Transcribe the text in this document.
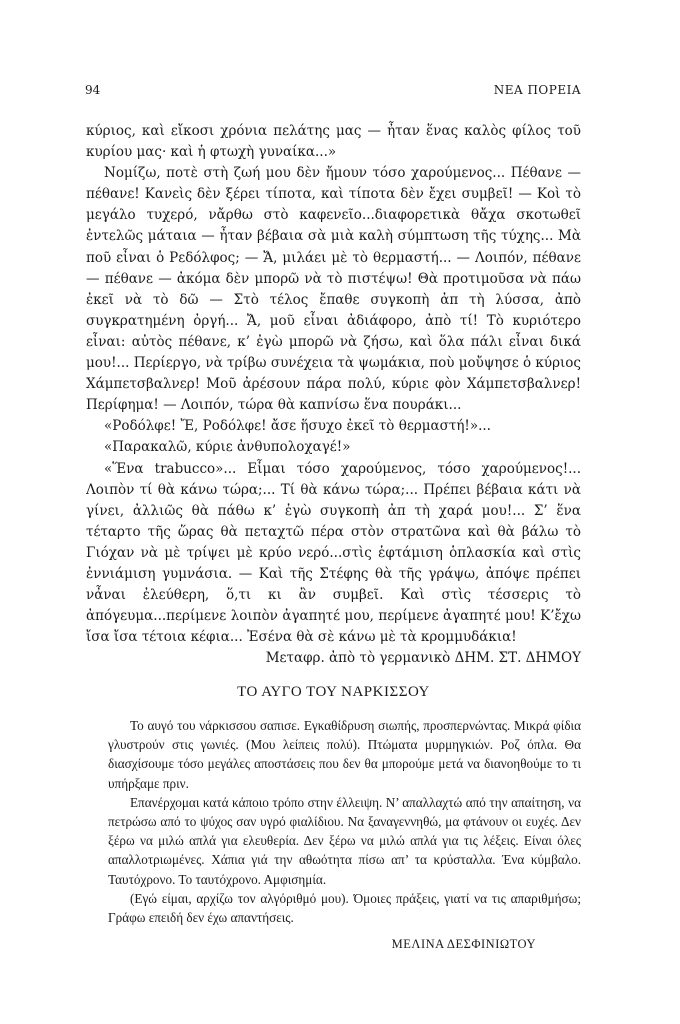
94	ΝΕΑ ΠΟΡΕΙΑ

κύριος, καὶ εἴκοσι χρόνια πελάτης μας — ἦταν ἕνας καλὸς φίλος τοῦ κυρίου μας· καὶ ἡ φτωχὴ γυναίκα...»

Νομίζω, ποτὲ στὴ ζωή μου δὲν ἤμουν τόσο χαρούμενος... Πέθανε — πέθανε! Κανεὶς δὲν ξέρει τίποτα, καὶ τίποτα δὲν ἔχει συμβεῖ! — Κοὶ τὸ μεγάλο τυχερό, νἄρθω στὸ καφενεῖο...διαφορετικὰ θἄχα σκοτωθεῖ ἐντελῶς μάταια — ἦταν βέβαια σὰ μιὰ καλὴ σύμπτωση τῆς τύχης... Μὰ ποῦ εἶναι ὁ Ρεδόλφος; — Ἄ, μιλάει μὲ τὸ θερμαστή... — Λοιπόν, πέθανε — πέθανε — ἀκόμα δὲν μπορῶ νὰ τὸ πιστέψω! Θὰ προτιμοῦσα νὰ πάω ἐκεῖ νὰ τὸ δῶ — Στὸ τέλος ἔπαθε συγκοπὴ ἀπ τὴ λύσσα, ἀπὸ συγκρατημένη ὀργή... Ἄ, μοῦ εἶναι ἀδιάφορο, ἀπὸ τί! Τὸ κυριότερο εἶναι: αὐτὸς πέθανε, κ’ ἐγὼ μπορῶ νὰ ζήσω, καὶ ὅλα πάλι εἶναι δικά μου!... Περίεργο, νὰ τρίβω συνέχεια τὰ ψωμάκια, ποὺ μοὔψησε ὁ κύριος Χάμπετσβαλνερ! Μοῦ ἀρέσουν πάρα πολύ, κύριε φὸν Χάμπετσβαλνερ! Περίφημα! — Λοιπόν, τώρα θὰ καπνίσω ἕνα πουράκι...

«Ροδόλφε! Ἔ, Ροδόλφε! ἄσε ἥσυχο ἐκεῖ τὸ θερμαστή!»...

«Παρακαλῶ, κύριε ἀνθυπολοχαγέ!»

«Ἕνα trabucco»... Εἶμαι τόσο χαρούμενος, τόσο χαρούμενος!... Λοιπὸν τί θὰ κάνω τώρα;... Τί θὰ κάνω τώρα;... Πρέπει βέβαια κάτι νὰ γίνει, ἀλλιῶς θὰ πάθω κ’ ἐγὼ συγκοπὴ ἀπ τὴ χαρά μου!... Σ’ ἕνα τέταρτο τῆς ὥρας θὰ πεταχτῶ πέρα στὸν στρατῶνα καὶ θὰ βάλω τὸ Γιόχαν νὰ μὲ τρίψει μὲ κρύο νερό...στὶς ἑφτάμιση ὁπλασκία καὶ στὶς ἐννιάμιση γυμνάσια. — Καὶ τῆς Στέφης θὰ τῆς γράψω, ἀπόψε πρέπει νἆναι ἐλεύθερη, ὅ,τι κι ἂν συμβεῖ. Καὶ στὶς τέσσερις τὸ ἀπόγευμα...περίμενε λοιπὸν ἀγαπητέ μου, περίμενε ἀγαπητέ μου! Κ’ἔχω ἴσα ἴσα τέτοια κέφια... Ἐσένα θὰ σὲ κάνω μὲ τὰ κρομμυδάκια!

Μεταφρ. ἀπὸ τὸ γερμανικὸ ΔΗΜ. ΣΤ. ΔΗΜΟΥ

ΤΟ ΑΥΓΟ ΤΟΥ ΝΑΡΚΙΣΣΟΥ

Το αυγό του νάρκισσου σαπισε. Εγκαθίδρυση σιωπής, προσπερνώντας. Μικρά φίδια γλυστρούν στις γωνιές. (Μου λείπεις πολύ). Πτώματα μυρμηγκιών. Ροζ όπλα. Θα διασχίσουμε τόσο μεγάλες αποστάσεις που δεν θα μπορούμε μετά να διανοηθούμε το τι υπήρξαμε πριν.

Επανέρχομαι κατά κάποιο τρόπο στην έλλειψη. Ν’ απαλλαχτώ από την απαίτηση, να πετρώσω από το ψύχος σαν υγρό φιαλίδιου. Να ξαναγεννηθώ, μα φτάνουν οι ευχές. Δεν ξέρω να μιλώ απλά για ελευθερία. Δεν ξέρω να μιλώ απλά για τις λέξεις. Είναι όλες απαλλοτριωμένες. Χάπια γιά την αθωότητα πίσω απ’ τα κρύσταλλα. Ένα κύμβαλο. Ταυτόχρονο. Το ταυτόχρονο. Αμφισημία.

(Εγώ είμαι, αρχίζω τον αλγόριθμό μου). Όμοιες πράξεις, γιατί να τις απαριθμήσω; Γράφω επειδή δεν έχω απαντήσεις.

ΜΕΛΙΝΑ ΔΕΣΦΙΝΙΩΤΟΥ
